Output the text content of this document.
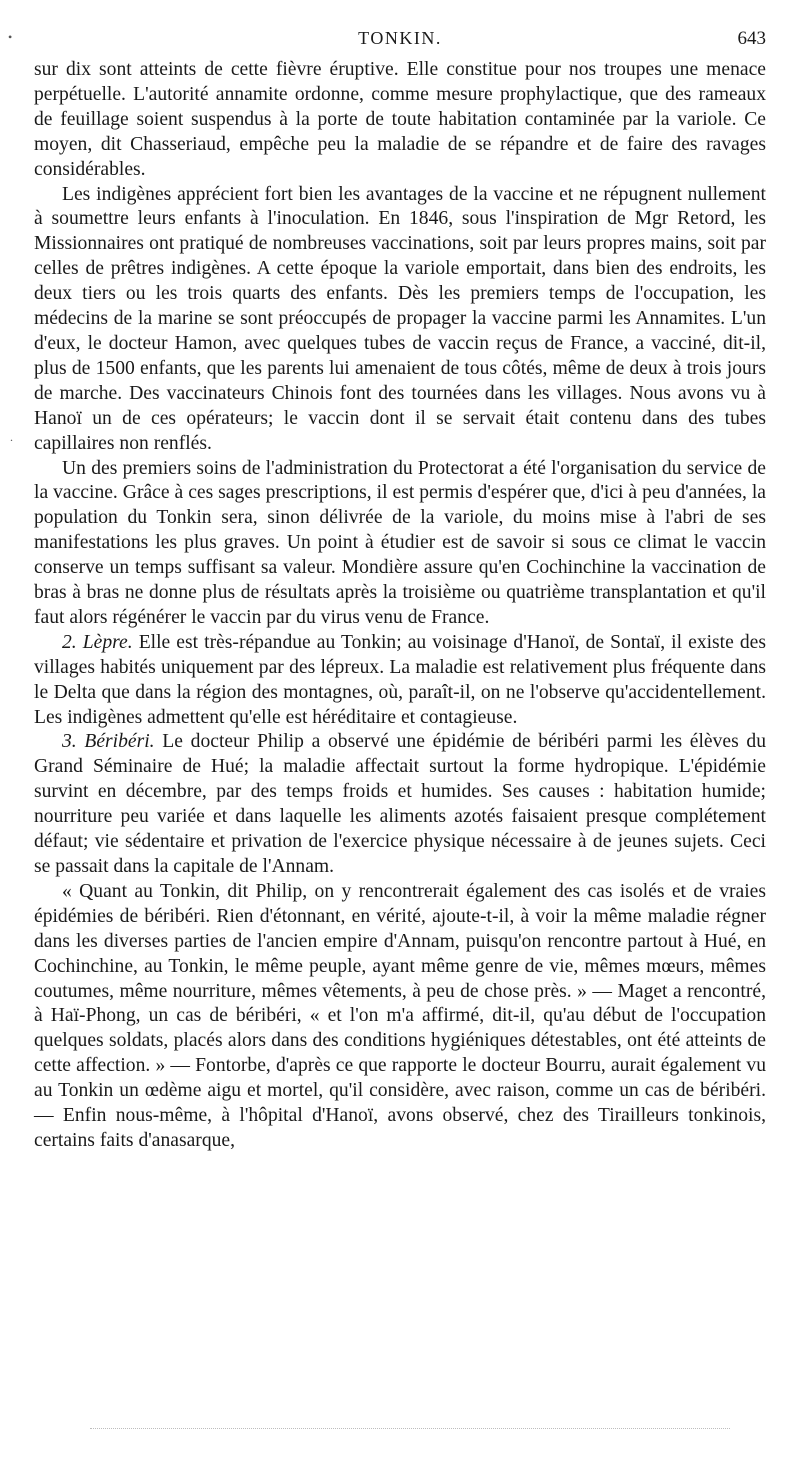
•
.
TONKIN.	643

sur dix sont atteints de cette fièvre éruptive. Elle constitue pour nos troupes une menace perpétuelle. L'autorité annamite ordonne, comme mesure prophylactique, que des rameaux de feuillage soient suspendus à la porte de toute habitation contaminée par la variole. Ce moyen, dit Chasseriaud, empêche peu la maladie de se répandre et de faire des ravages considérables.

Les indigènes apprécient fort bien les avantages de la vaccine et ne répugnent nullement à soumettre leurs enfants à l'inoculation. En 1846, sous l'inspiration de Mgr Retord, les Missionnaires ont pratiqué de nombreuses vaccinations, soit par leurs propres mains, soit par celles de prêtres indigènes. A cette époque la variole emportait, dans bien des endroits, les deux tiers ou les trois quarts des enfants. Dès les premiers temps de l'occupation, les médecins de la marine se sont préoccupés de propager la vaccine parmi les Annamites. L'un d'eux, le docteur Hamon, avec quelques tubes de vaccin reçus de France, a vacciné, dit-il, plus de 1500 enfants, que les parents lui amenaient de tous côtés, même de deux à trois jours de marche. Des vaccinateurs Chinois font des tournées dans les villages. Nous avons vu à Hanoï un de ces opérateurs; le vaccin dont il se servait était contenu dans des tubes capillaires non renflés.

Un des premiers soins de l'administration du Protectorat a été l'organisation du service de la vaccine. Grâce à ces sages prescriptions, il est permis d'espérer que, d'ici à peu d'années, la population du Tonkin sera, sinon délivrée de la variole, du moins mise à l'abri de ses manifestations les plus graves. Un point à étudier est de savoir si sous ce climat le vaccin conserve un temps suffisant sa valeur. Mondière assure qu'en Cochinchine la vaccination de bras à bras ne donne plus de résultats après la troisième ou quatrième transplantation et qu'il faut alors régénérer le vaccin par du virus venu de France.

2. Lèpre. Elle est très-répandue au Tonkin; au voisinage d'Hanoï, de Sontaï, il existe des villages habités uniquement par des lépreux. La maladie est relativement plus fréquente dans le Delta que dans la région des montagnes, où, paraît-il, on ne l'observe qu'accidentellement. Les indigènes admettent qu'elle est héréditaire et contagieuse.

3. Béribéri. Le docteur Philip a observé une épidémie de béribéri parmi les élèves du Grand Séminaire de Hué; la maladie affectait surtout la forme hydropique. L'épidémie survint en décembre, par des temps froids et humides. Ses causes : habitation humide; nourriture peu variée et dans laquelle les aliments azotés faisaient presque complétement défaut; vie sédentaire et privation de l'exercice physique nécessaire à de jeunes sujets. Ceci se passait dans la capitale de l'Annam.

« Quant au Tonkin, dit Philip, on y rencontrerait également des cas isolés et de vraies épidémies de béribéri. Rien d'étonnant, en vérité, ajoute-t-il, à voir la même maladie régner dans les diverses parties de l'ancien empire d'Annam, puisqu'on rencontre partout à Hué, en Cochinchine, au Tonkin, le même peuple, ayant même genre de vie, mêmes mœurs, mêmes coutumes, même nourriture, mêmes vêtements, à peu de chose près. » — Maget a rencontré, à Haï-Phong, un cas de béribéri, « et l'on m'a affirmé, dit-il, qu'au début de l'occupation quelques soldats, placés alors dans des conditions hygiéniques détestables, ont été atteints de cette affection. » — Fontorbe, d'après ce que rapporte le docteur Bourru, aurait également vu au Tonkin un œdème aigu et mortel, qu'il considère, avec raison, comme un cas de béribéri. — Enfin nous-même, à l'hôpital d'Hanoï, avons observé, chez des Tirailleurs tonkinois, certains faits d'anasarque,
